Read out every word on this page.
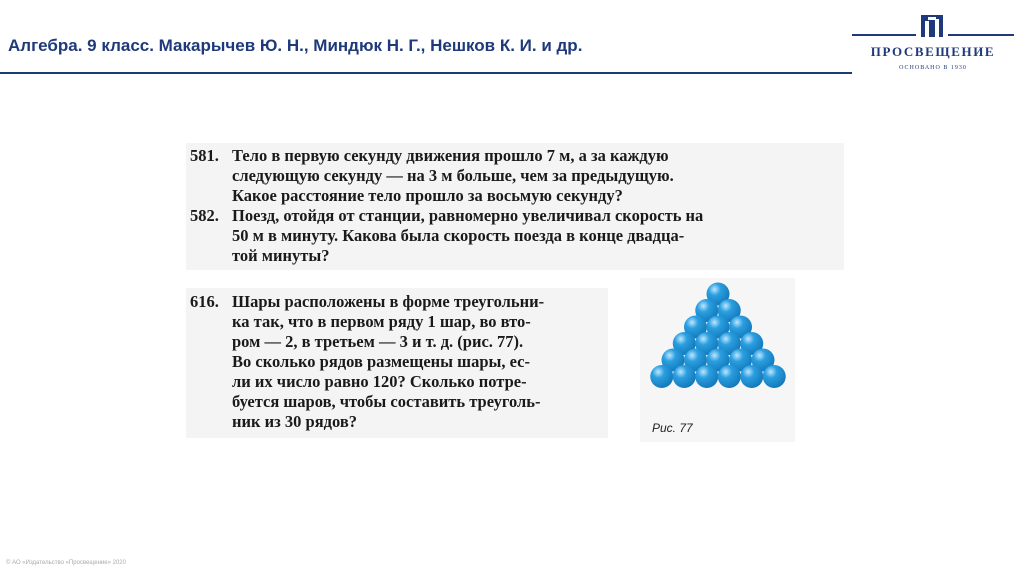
Алгебра. 9 класс. Макарычев Ю. Н., Миндюк Н. Г., Нешков К. И. и др.	ПРОСВЕЩЕНИЕ
ОСНОВАНО В 1930
581. Тело в первую секунду движения прошло 7 м, а за каждую
следующую секунду — на 3 м больше, чем за предыдущую.
Какое расстояние тело прошло за восьмую секунду?
582. Поезд, отойдя от станции, равномерно увеличивал скорость на
50 м в минуту. Какова была скорость поезда в конце двадца-
той минуты?
616. Шары расположены в форме треугольни-
ка так, что в первом ряду 1 шар, во вто-
ром — 2, в третьем — 3 и т. д. (рис. 77).
Во сколько рядов размещены шары, ес-
ли их число равно 120? Сколько потре-
буется шаров, чтобы составить треуголь-
ник из 30 рядов?	Рис. 77
© АО «Издательство «Просвещение» 2020
